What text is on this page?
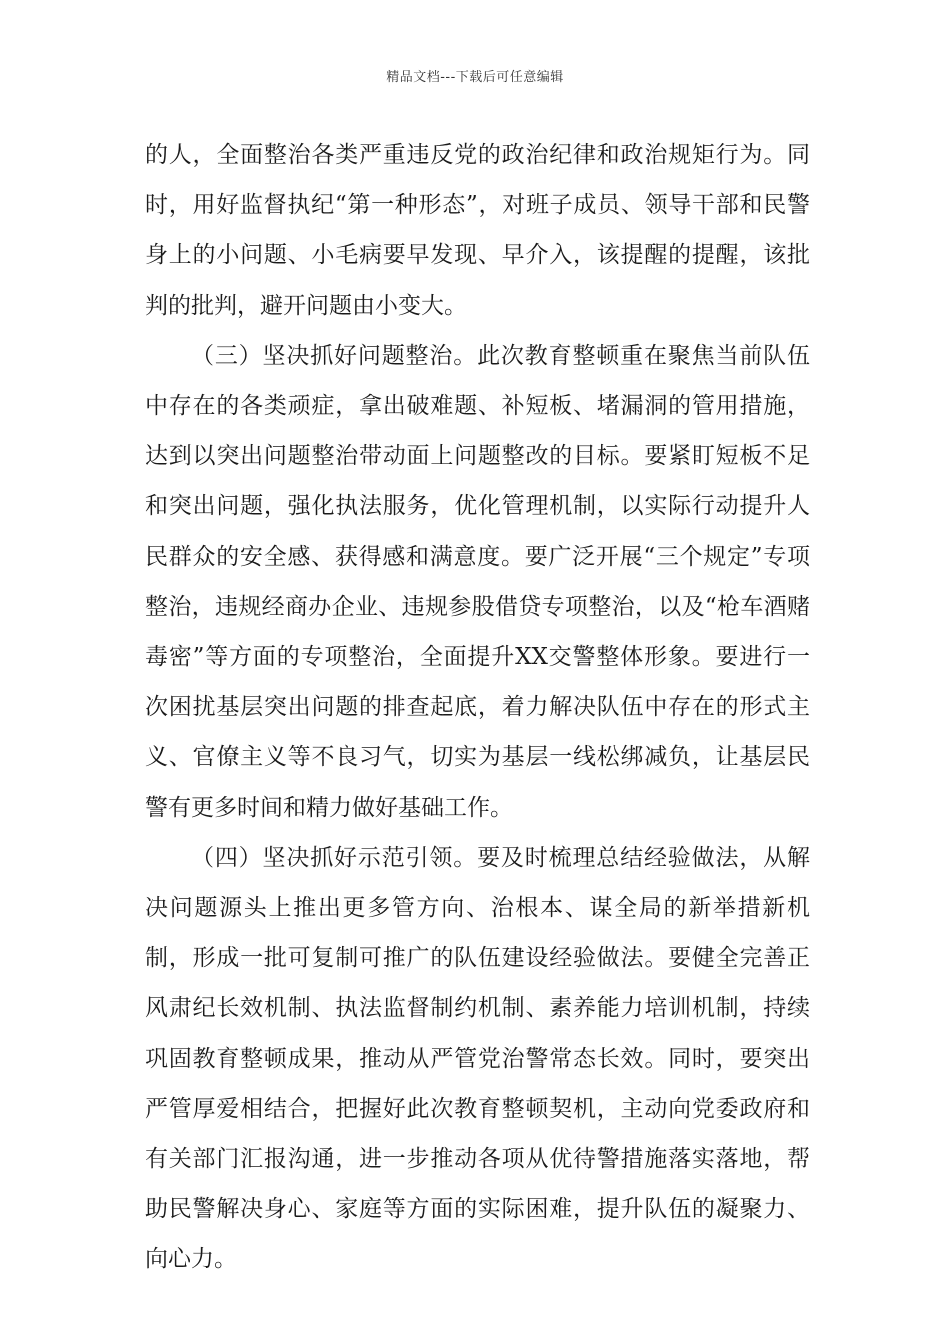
精品文档---下载后可任意编辑

的人，全面整治各类严重违反党的政治纪律和政治规矩行为。同时，用好监督执纪“第一种形态”，对班子成员、领导干部和民警身上的小问题、小毛病要早发现、早介入，该提醒的提醒，该批判的批判，避开问题由小变大。

（三）坚决抓好问题整治。此次教育整顿重在聚焦当前队伍中存在的各类顽症，拿出破难题、补短板、堵漏洞的管用措施，达到以突出问题整治带动面上问题整改的目标。要紧盯短板不足和突出问题，强化执法服务，优化管理机制，以实际行动提升人民群众的安全感、获得感和满意度。要广泛开展“三个规定”专项整治，违规经商办企业、违规参股借贷专项整治，以及“枪车酒赌毒密”等方面的专项整治，全面提升XX交警整体形象。要进行一次困扰基层突出问题的排查起底，着力解决队伍中存在的形式主义、官僚主义等不良习气，切实为基层一线松绑减负，让基层民警有更多时间和精力做好基础工作。

（四）坚决抓好示范引领。要及时梳理总结经验做法，从解决问题源头上推出更多管方向、治根本、谋全局的新举措新机制，形成一批可复制可推广的队伍建设经验做法。要健全完善正风肃纪长效机制、执法监督制约机制、素养能力培训机制，持续巩固教育整顿成果，推动从严管党治警常态长效。同时，要突出严管厚爱相结合，把握好此次教育整顿契机，主动向党委政府和有关部门汇报沟通，进一步推动各项从优待警措施落实落地，帮助民警解决身心、家庭等方面的实际困难，提升队伍的凝聚力、向心力。
